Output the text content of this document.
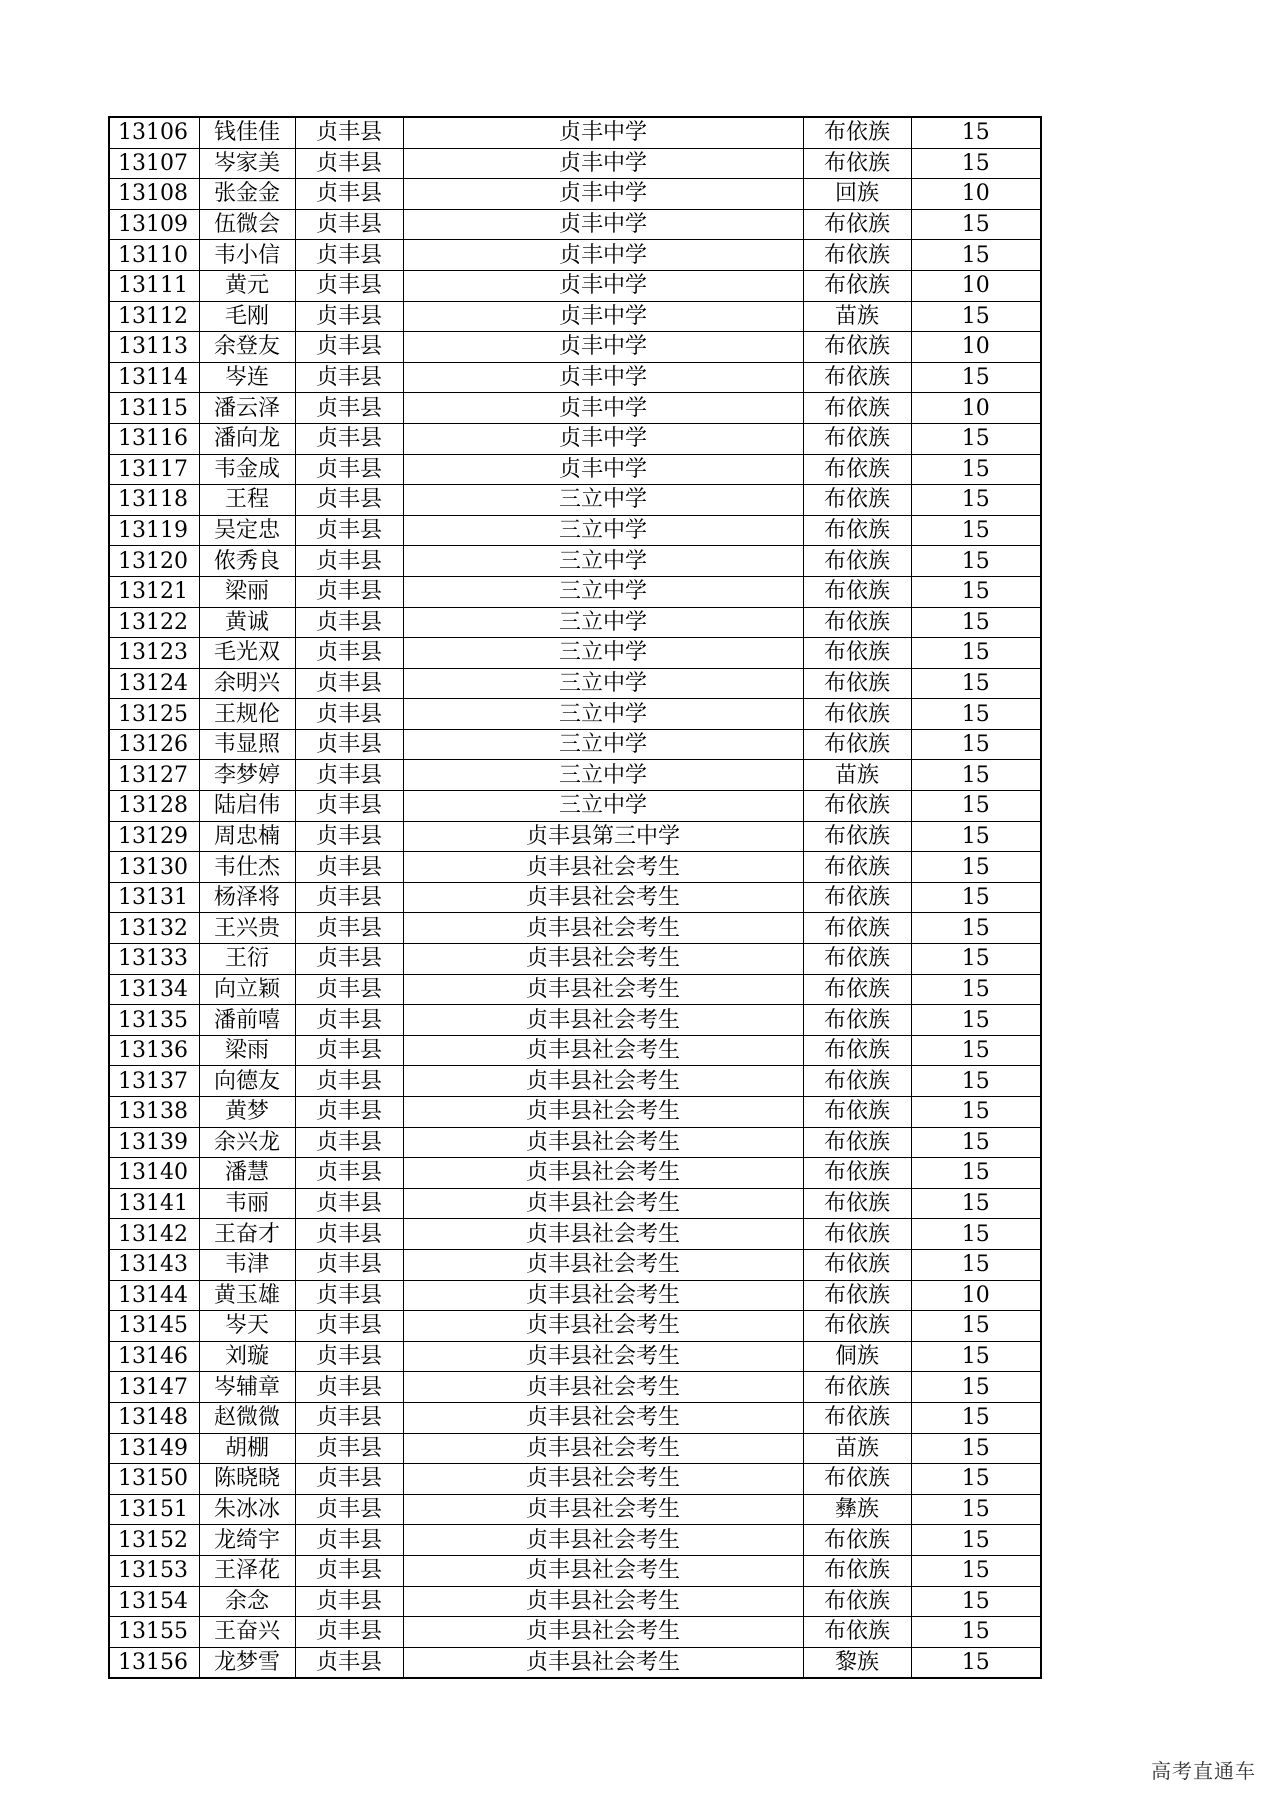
13106	钱佳佳	贞丰县	贞丰中学	布依族	15
13107	岑家美	贞丰县	贞丰中学	布依族	15
13108	张金金	贞丰县	贞丰中学	回族	10
13109	伍微会	贞丰县	贞丰中学	布依族	15
13110	韦小信	贞丰县	贞丰中学	布依族	15
13111	黄元	贞丰县	贞丰中学	布依族	10
13112	毛刚	贞丰县	贞丰中学	苗族	15
13113	余登友	贞丰县	贞丰中学	布依族	10
13114	岑连	贞丰县	贞丰中学	布依族	15
13115	潘云泽	贞丰县	贞丰中学	布依族	10
13116	潘向龙	贞丰县	贞丰中学	布依族	15
13117	韦金成	贞丰县	贞丰中学	布依族	15
13118	王程	贞丰县	三立中学	布依族	15
13119	吴定忠	贞丰县	三立中学	布依族	15
13120	侬秀良	贞丰县	三立中学	布依族	15
13121	梁丽	贞丰县	三立中学	布依族	15
13122	黄诚	贞丰县	三立中学	布依族	15
13123	毛光双	贞丰县	三立中学	布依族	15
13124	余明兴	贞丰县	三立中学	布依族	15
13125	王规伦	贞丰县	三立中学	布依族	15
13126	韦显照	贞丰县	三立中学	布依族	15
13127	李梦婷	贞丰县	三立中学	苗族	15
13128	陆启伟	贞丰县	三立中学	布依族	15
13129	周忠楠	贞丰县	贞丰县第三中学	布依族	15
13130	韦仕杰	贞丰县	贞丰县社会考生	布依族	15
13131	杨泽将	贞丰县	贞丰县社会考生	布依族	15
13132	王兴贵	贞丰县	贞丰县社会考生	布依族	15
13133	王衍	贞丰县	贞丰县社会考生	布依族	15
13134	向立颖	贞丰县	贞丰县社会考生	布依族	15
13135	潘前嘻	贞丰县	贞丰县社会考生	布依族	15
13136	梁雨	贞丰县	贞丰县社会考生	布依族	15
13137	向德友	贞丰县	贞丰县社会考生	布依族	15
13138	黄梦	贞丰县	贞丰县社会考生	布依族	15
13139	余兴龙	贞丰县	贞丰县社会考生	布依族	15
13140	潘慧	贞丰县	贞丰县社会考生	布依族	15
13141	韦丽	贞丰县	贞丰县社会考生	布依族	15
13142	王奋才	贞丰县	贞丰县社会考生	布依族	15
13143	韦津	贞丰县	贞丰县社会考生	布依族	15
13144	黄玉雄	贞丰县	贞丰县社会考生	布依族	10
13145	岑天	贞丰县	贞丰县社会考生	布依族	15
13146	刘璇	贞丰县	贞丰县社会考生	侗族	15
13147	岑辅章	贞丰县	贞丰县社会考生	布依族	15
13148	赵微微	贞丰县	贞丰县社会考生	布依族	15
13149	胡棚	贞丰县	贞丰县社会考生	苗族	15
13150	陈晓晓	贞丰县	贞丰县社会考生	布依族	15
13151	朱冰冰	贞丰县	贞丰县社会考生	彝族	15
13152	龙绮宇	贞丰县	贞丰县社会考生	布依族	15
13153	王泽花	贞丰县	贞丰县社会考生	布依族	15
13154	余念	贞丰县	贞丰县社会考生	布依族	15
13155	王奋兴	贞丰县	贞丰县社会考生	布依族	15
13156	龙梦雪	贞丰县	贞丰县社会考生	黎族	15
高考直通车
